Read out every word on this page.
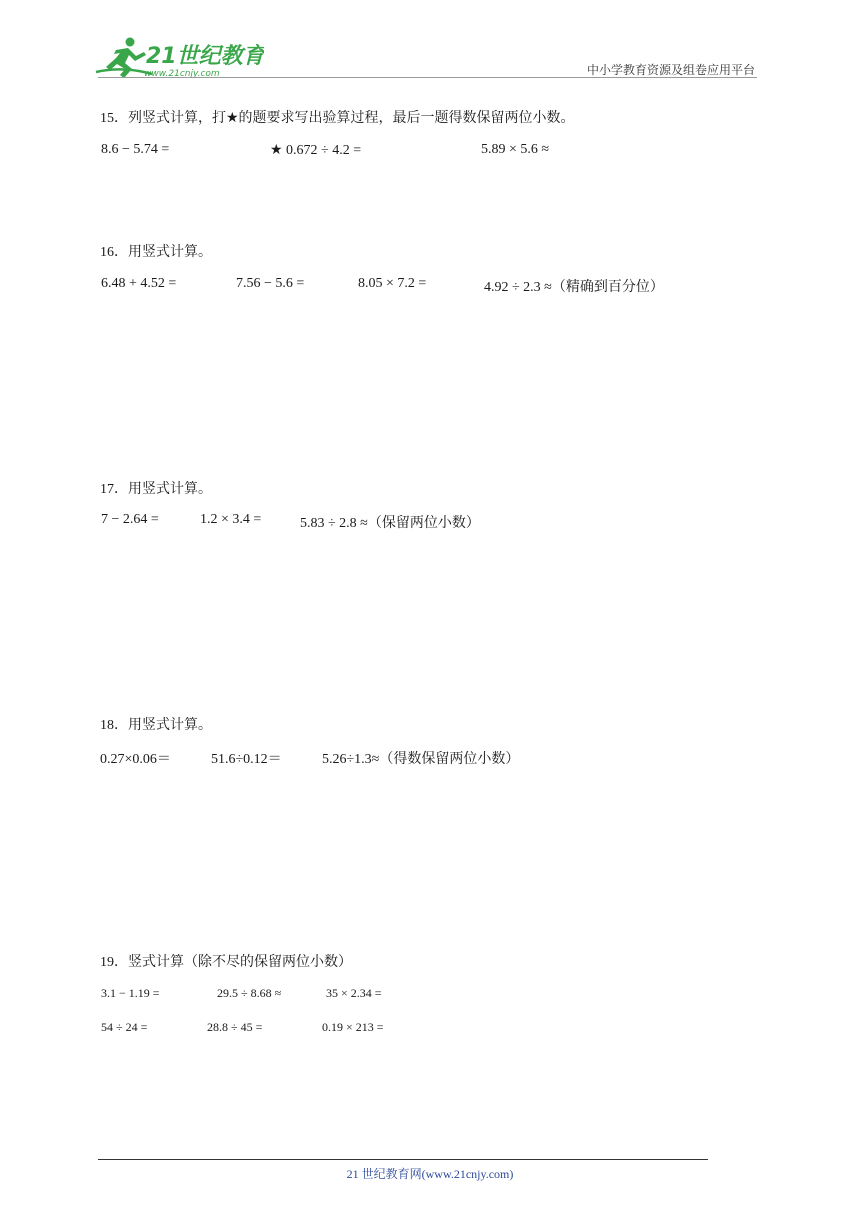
21世纪教育
www.21cnjy.com	中小学教育资源及组卷应用平台
15．列竖式计算，打★的题要求写出验算过程，最后一题得数保留两位小数。
8.6 − 5.74 =	★ 0.672 ÷ 4.2 =	5.89 × 5.6 ≈
16．用竖式计算。
6.48 + 4.52 =	7.56 − 5.6 =	8.05 × 7.2 =	4.92 ÷ 2.3 ≈（精确到百分位）
17．用竖式计算。
7 − 2.64 =	1.2 × 3.4 =	5.83 ÷ 2.8 ≈（保留两位小数）
18．用竖式计算。
0.27×0.06＝	51.6÷0.12＝	5.26÷1.3≈（得数保留两位小数）
19．竖式计算（除不尽的保留两位小数）
3.1 − 1.19 =	29.5 ÷ 8.68 ≈	35 × 2.34 =
54 ÷ 24 =	28.8 ÷ 45 =	0.19 × 213 =
21 世纪教育网(www.21cnjy.com)
